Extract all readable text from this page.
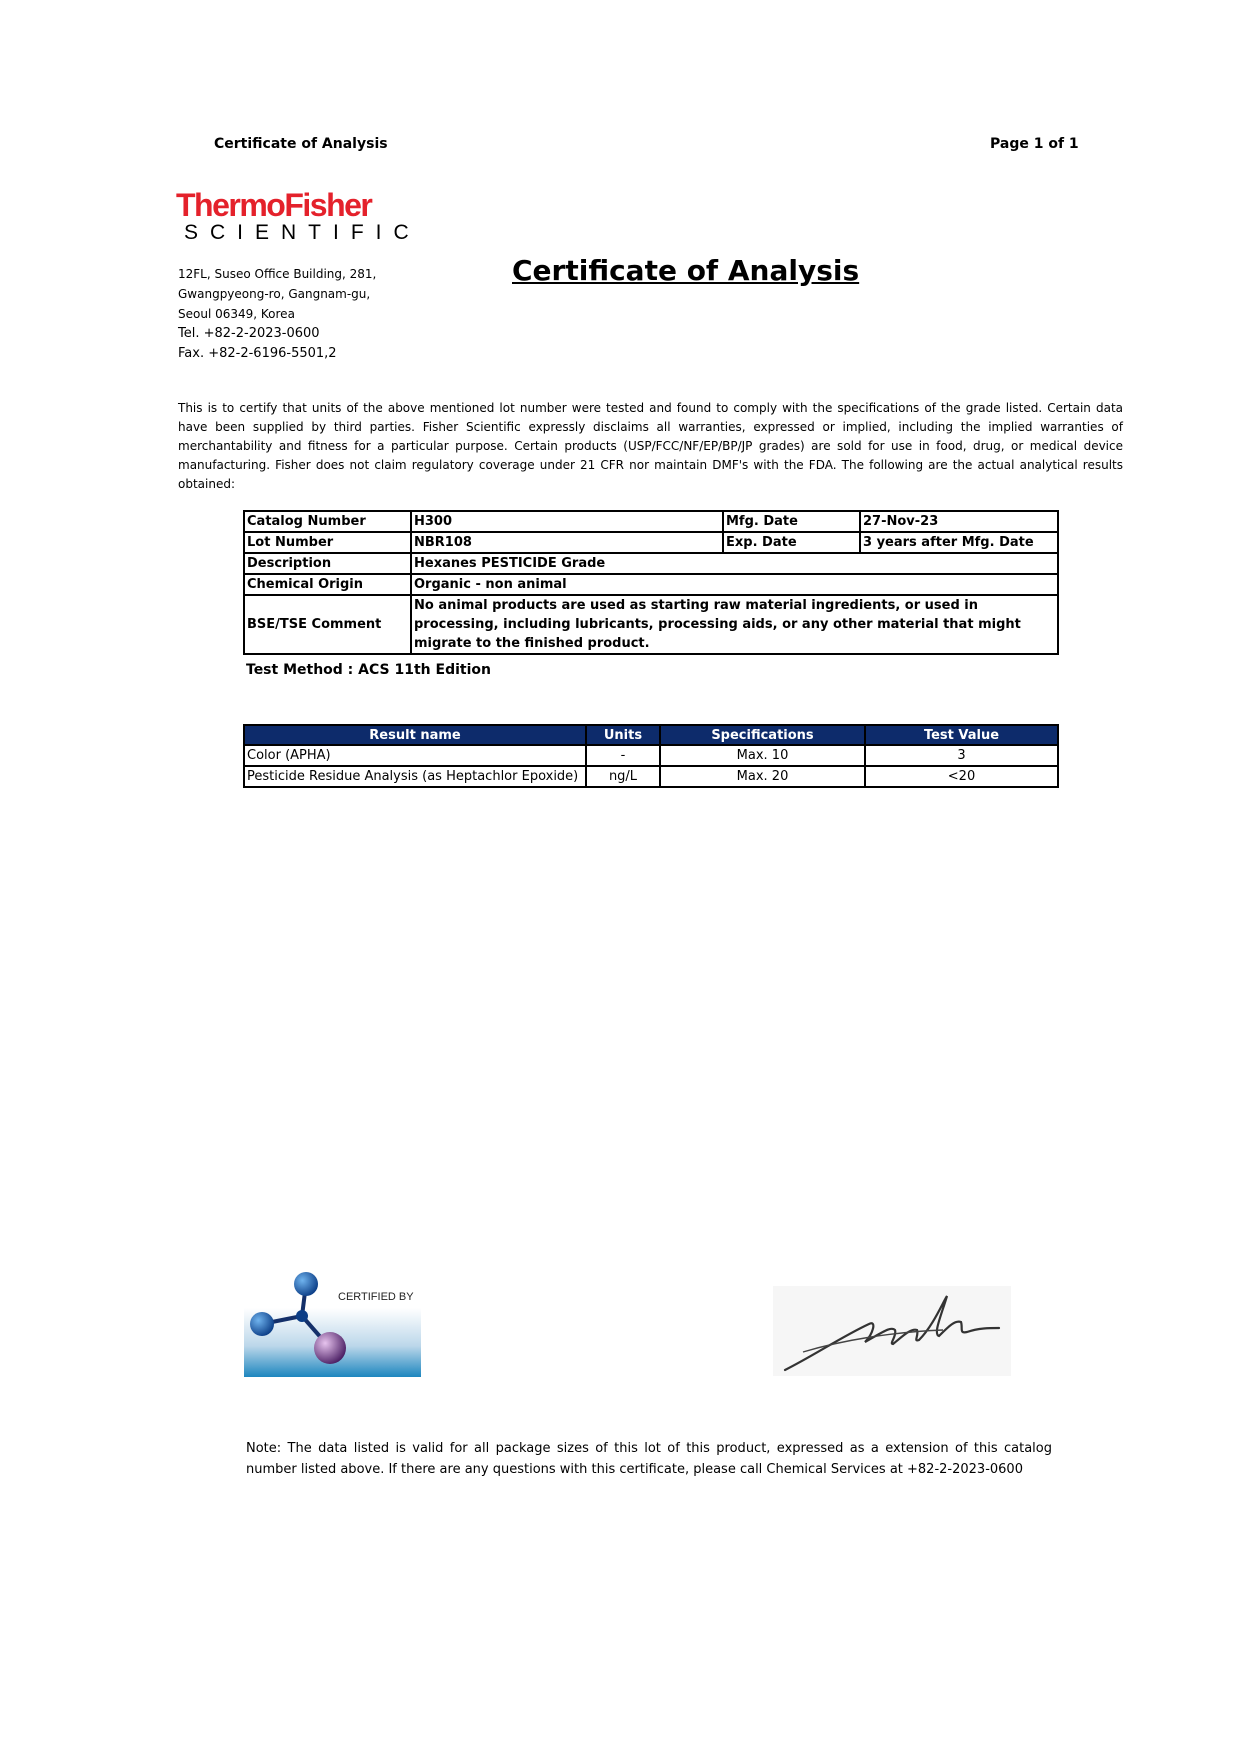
Certificate of Analysis	Page 1 of 1
ThermoFisher
SCIENTIFIC
12FL, Suseo Office Building, 281,
Gwangpyeong-ro, Gangnam-gu,
Seoul 06349, Korea
Tel. +82-2-2023-0600
Fax. +82-2-6196-5501,2
Certificate of Analysis
This is to certify that units of the above mentioned lot number were tested and found to comply with the specifications of the grade listed. Certain data have been supplied by third parties. Fisher Scientific expressly disclaims all warranties, expressed or implied, including the implied warranties of merchantability and fitness for a particular purpose. Certain products (USP/FCC/NF/EP/BP/JP grades) are sold for use in food, drug, or medical device manufacturing. Fisher does not claim regulatory coverage under 21 CFR nor maintain DMF's with the FDA. The following are the actual analytical results obtained:
Catalog Number	H300	Mfg. Date	27-Nov-23
Lot Number	NBR108	Exp. Date	3 years after Mfg. Date
Description	Hexanes PESTICIDE Grade		
Chemical Origin	Organic - non animal		
BSE/TSE Comment	No animal products are used as starting raw material ingredients, or used in processing, including lubricants, processing aids, or any other material that might migrate to the finished product.		
Test Method : ACS 11th Edition
Result name	Units	Specifications	Test Value
Color (APHA)	-	Max. 10	3
Pesticide Residue Analysis (as Heptachlor Epoxide)	ng/L	Max. 20	<20
CERTIFIED BY
Note: The data listed is valid for all package sizes of this lot of this product, expressed as a extension of this catalog number listed above. If there are any questions with this certificate, please call Chemical Services at +82-2-2023-0600
